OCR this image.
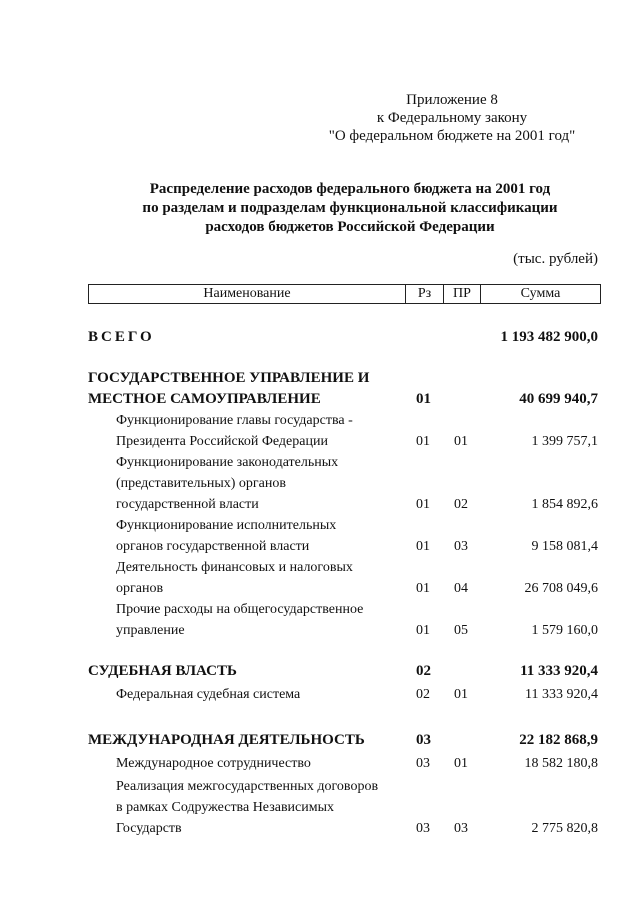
Приложение 8
к Федеральному закону
"О федеральном бюджете на 2001 год"
Распределение расходов федерального бюджета на 2001 год
по разделам и подразделам функциональной классификации
расходов бюджетов Российской Федерации
(тыс. рублей)
Наименование	Рз	ПР	Сумма
ВСЕГО	1 193 482 900,0
ГОСУДАРСТВЕННОЕ УПРАВЛЕНИЕ И
МЕСТНОЕ САМОУПРАВЛЕНИЕ	01	40 699 940,7
Функционирование главы государства -
Президента Российской Федерации	01	01	1 399 757,1
Функционирование законодательных
(представительных) органов
государственной власти	01	02	1 854 892,6
Функционирование исполнительных
органов государственной власти	01	03	9 158 081,4
Деятельность финансовых и налоговых
органов	01	04	26 708 049,6
Прочие расходы на общегосударственное
управление	01	05	1 579 160,0
СУДЕБНАЯ ВЛАСТЬ	02	11 333 920,4
Федеральная судебная система	02	01	11 333 920,4
МЕЖДУНАРОДНАЯ ДЕЯТЕЛЬНОСТЬ	03	22 182 868,9
Международное сотрудничество	03	01	18 582 180,8
Реализация межгосударственных договоров
в рамках Содружества Независимых
Государств	03	03	2 775 820,8
